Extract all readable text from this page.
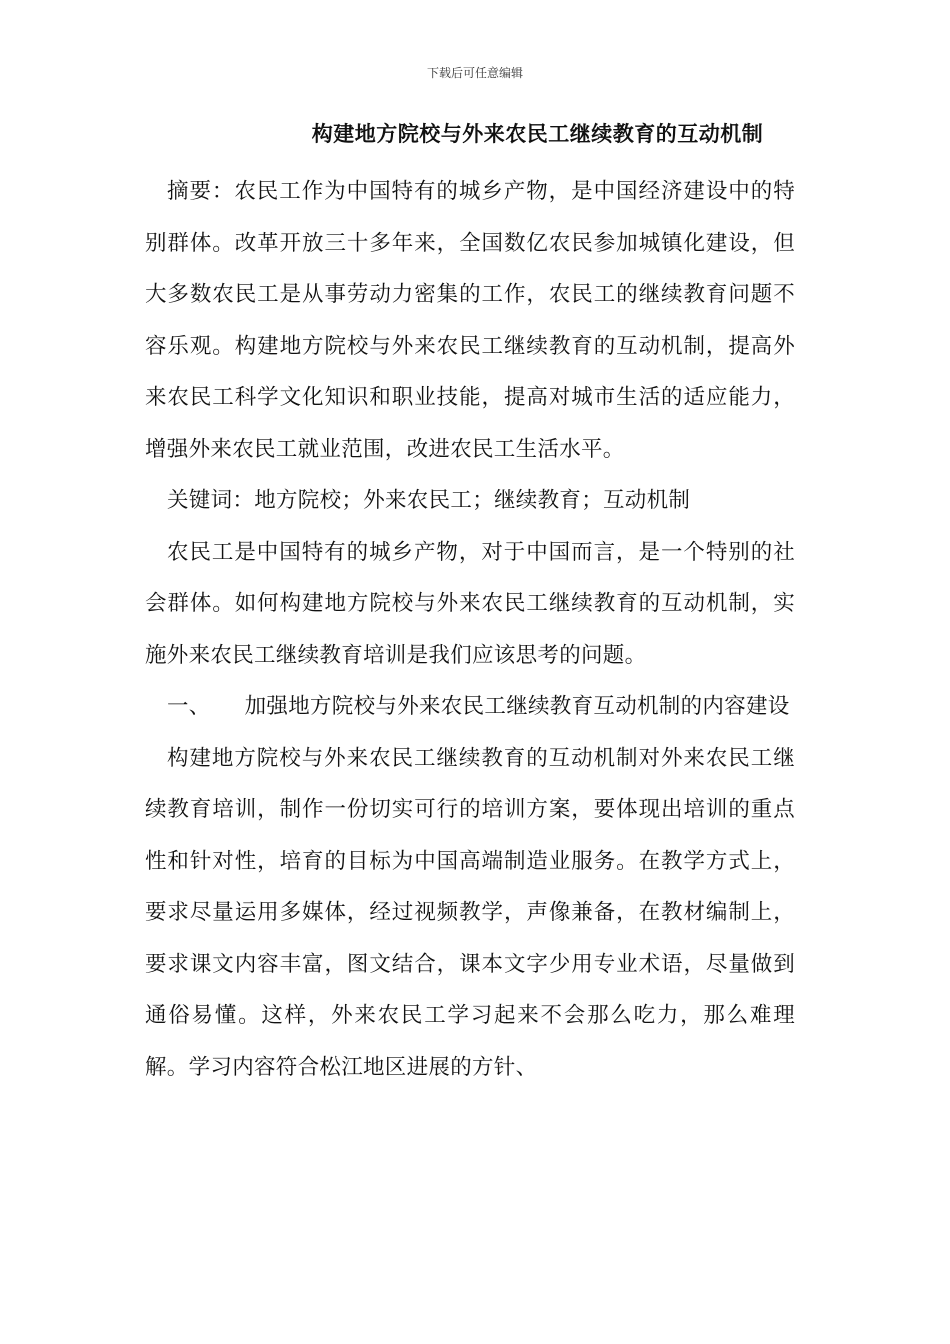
下载后可任意编辑
构建地方院校与外来农民工继续教育的互动机制

摘要：农民工作为中国特有的城乡产物，是中国经济建设中的特别群体。改革开放三十多年来，全国数亿农民参加城镇化建设，但大多数农民工是从事劳动力密集的工作，农民工的继续教育问题不容乐观。构建地方院校与外来农民工继续教育的互动机制，提高外来农民工科学文化知识和职业技能，提高对城市生活的适应能力，增强外来农民工就业范围，改进农民工生活水平。

关键词：地方院校；外来农民工；继续教育；互动机制

农民工是中国特有的城乡产物，对于中国而言，是一个特别的社会群体。如何构建地方院校与外来农民工继续教育的互动机制，实施外来农民工继续教育培训是我们应该思考的问题。

一、 加强地方院校与外来农民工继续教育互动机制的内容建设

构建地方院校与外来农民工继续教育的互动机制对外来农民工继续教育培训，制作一份切实可行的培训方案，要体现出培训的重点性和针对性，培育的目标为中国高端制造业服务。在教学方式上，要求尽量运用多媒体，经过视频教学，声像兼备，在教材编制上，要求课文内容丰富，图文结合，课本文字少用专业术语，尽量做到通俗易懂。这样，外来农民工学习起来不会那么吃力，那么难理解。学习内容符合松江地区进展的方针、
